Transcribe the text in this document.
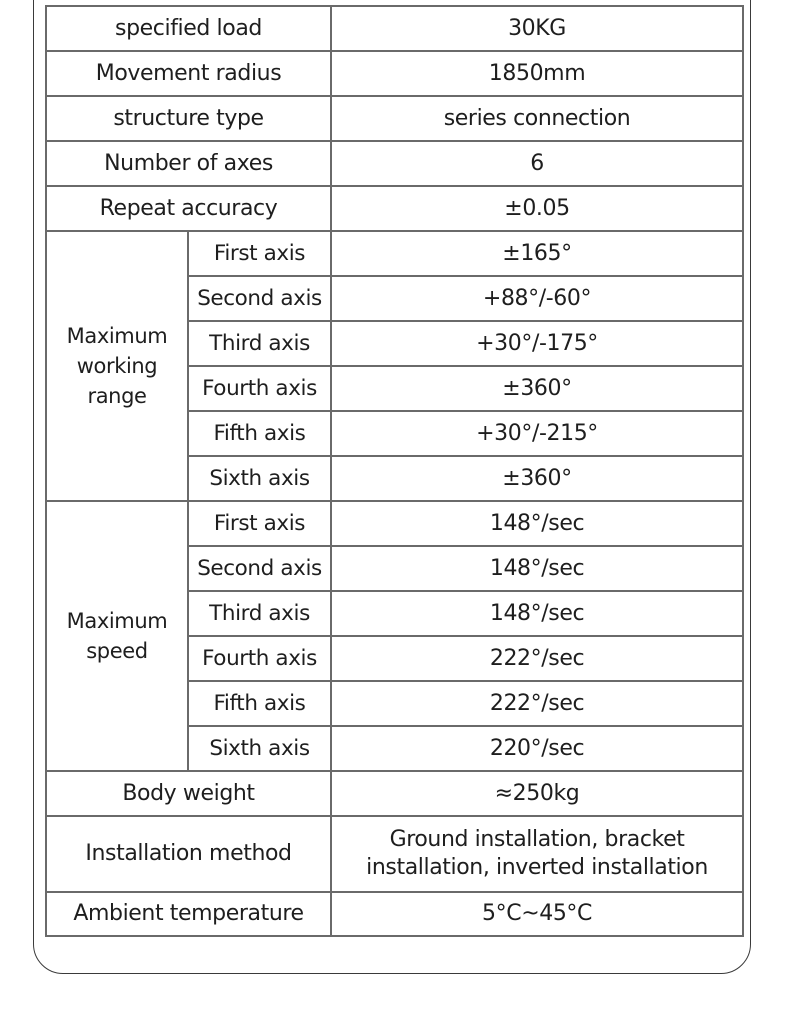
specified load		30KG
Movement radius		1850mm
structure type		series connection
Number of axes		6
Repeat accuracy		±0.05
Maximum working range	First axis	±165°
	Second axis	+88°/-60°
	Third axis	+30°/-175°
	Fourth axis	±360°
	Fifth axis	+30°/-215°
	Sixth axis	±360°
Maximum speed	First axis	148°/sec
	Second axis	148°/sec
	Third axis	148°/sec
	Fourth axis	222°/sec
	Fifth axis	222°/sec
	Sixth axis	220°/sec
Body weight		≈250kg
Installation method		Ground installation, bracket installation, inverted installation
Ambient temperature		5°C~45°C
